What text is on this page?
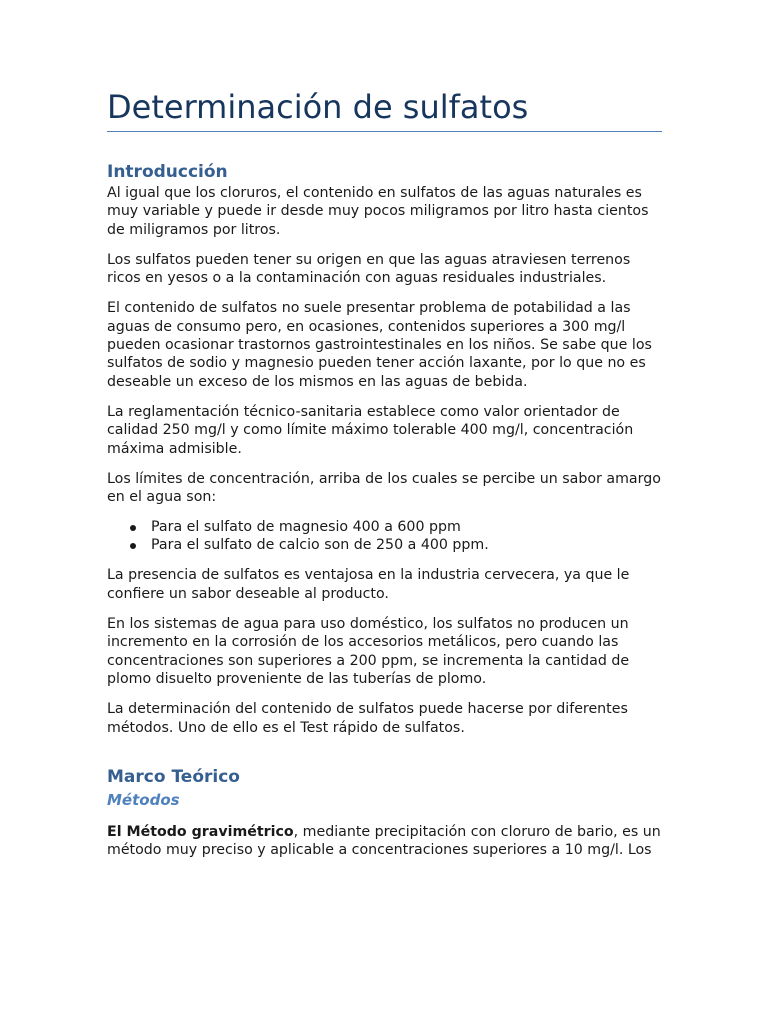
Determinación de sulfatos
Introducción

Al igual que los cloruros, el contenido en sulfatos de las aguas naturales es muy variable y puede ir desde muy pocos miligramos por litro hasta cientos de miligramos por litros.

Los sulfatos pueden tener su origen en que las aguas atraviesen terrenos ricos en yesos o a la contaminación con aguas residuales industriales.

El contenido de sulfatos no suele presentar problema de potabilidad a las aguas de consumo pero, en ocasiones, contenidos superiores a 300 mg/l pueden ocasionar trastornos gastrointestinales en los niños. Se sabe que los sulfatos de sodio y magnesio pueden tener acción laxante, por lo que no es deseable un exceso de los mismos en las aguas de bebida.

La reglamentación técnico-sanitaria establece como valor orientador de calidad 250 mg/l y como límite máximo tolerable 400 mg/l, concentración máxima admisible.

Los límites de concentración, arriba de los cuales se percibe un sabor amargo en el agua son:

Para el sulfato de magnesio 400 a 600 ppm
Para el sulfato de calcio son de 250 a 400 ppm.

La presencia de sulfatos es ventajosa en la industria cervecera, ya que le confiere un sabor deseable al producto.

En los sistemas de agua para uso doméstico, los sulfatos no producen un incremento en la corrosión de los accesorios metálicos, pero cuando las concentraciones son superiores a 200 ppm, se incrementa la cantidad de plomo disuelto proveniente de las tuberías de plomo.

La determinación del contenido de sulfatos puede hacerse por diferentes métodos. Uno de ello es el Test rápido de sulfatos.

Marco Teórico
Métodos

El Método gravimétrico, mediante precipitación con cloruro de bario, es un método muy preciso y aplicable a concentraciones superiores a 10 mg/l. Los
